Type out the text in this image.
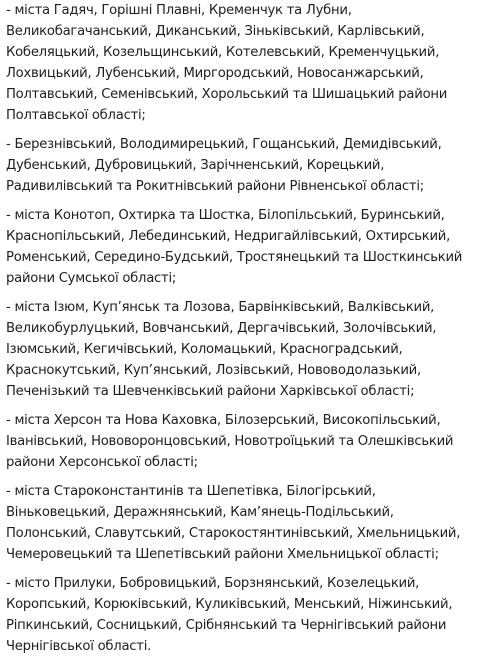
- міста Гадяч, Горішні Плавні, Кременчук та Лубни,
Великобагачанський, Диканський, Зіньківський, Карлівський,
Кобеляцький, Козельщинський, Котелевський, Кременчуцький,
Лохвицький, Лубенський, Миргородський, Новосанжарський,
Полтавський, Семенівський, Хорольський та Шишацький райони
Полтавської області;
- Березнівський, Володимирецький, Гощанський, Демидівський,
Дубенський, Дубровицький, Зарічненський, Корецький,
Радивилівський та Рокитнівський райони Рівненської області;
- міста Конотоп, Охтирка та Шостка, Білопільський, Буринський,
Краснопільський, Лебединський, Недригайлівський, Охтирський,
Роменський, Середино-Будський, Тростянецький та Шосткинський
райони Сумської області;
- міста Ізюм, Куп’янськ та Лозова, Барвінківський, Валківський,
Великобурлуцький, Вовчанський, Дергачівський, Золочівський,
Ізюмський, Кегичівський, Коломацький, Красноградський,
Краснокутський, Куп’янський, Лозівський, Нововодолазький,
Печенізький та Шевченківський райони Харківської області;
- міста Херсон та Нова Каховка, Білозерський, Високопільський,
Іванівський, Нововоронцовський, Новотроїцький та Олешківський
райони Херсонської області;
- міста Староконстантинів та Шепетівка, Білогірський,
Віньковецький, Деражнянський, Кам’янець-Подільський,
Полонський, Славутський, Старокостянтинівський, Хмельницький,
Чемеровецький та Шепетівський райони Хмельницької області;
- місто Прилуки, Бобровицький, Борзнянський, Козелецький,
Коропський, Корюківський, Куликівський, Менський, Ніжинський,
Ріпкинський, Сосницький, Срібнянський та Чернігівський райони
Чернігівської області.
